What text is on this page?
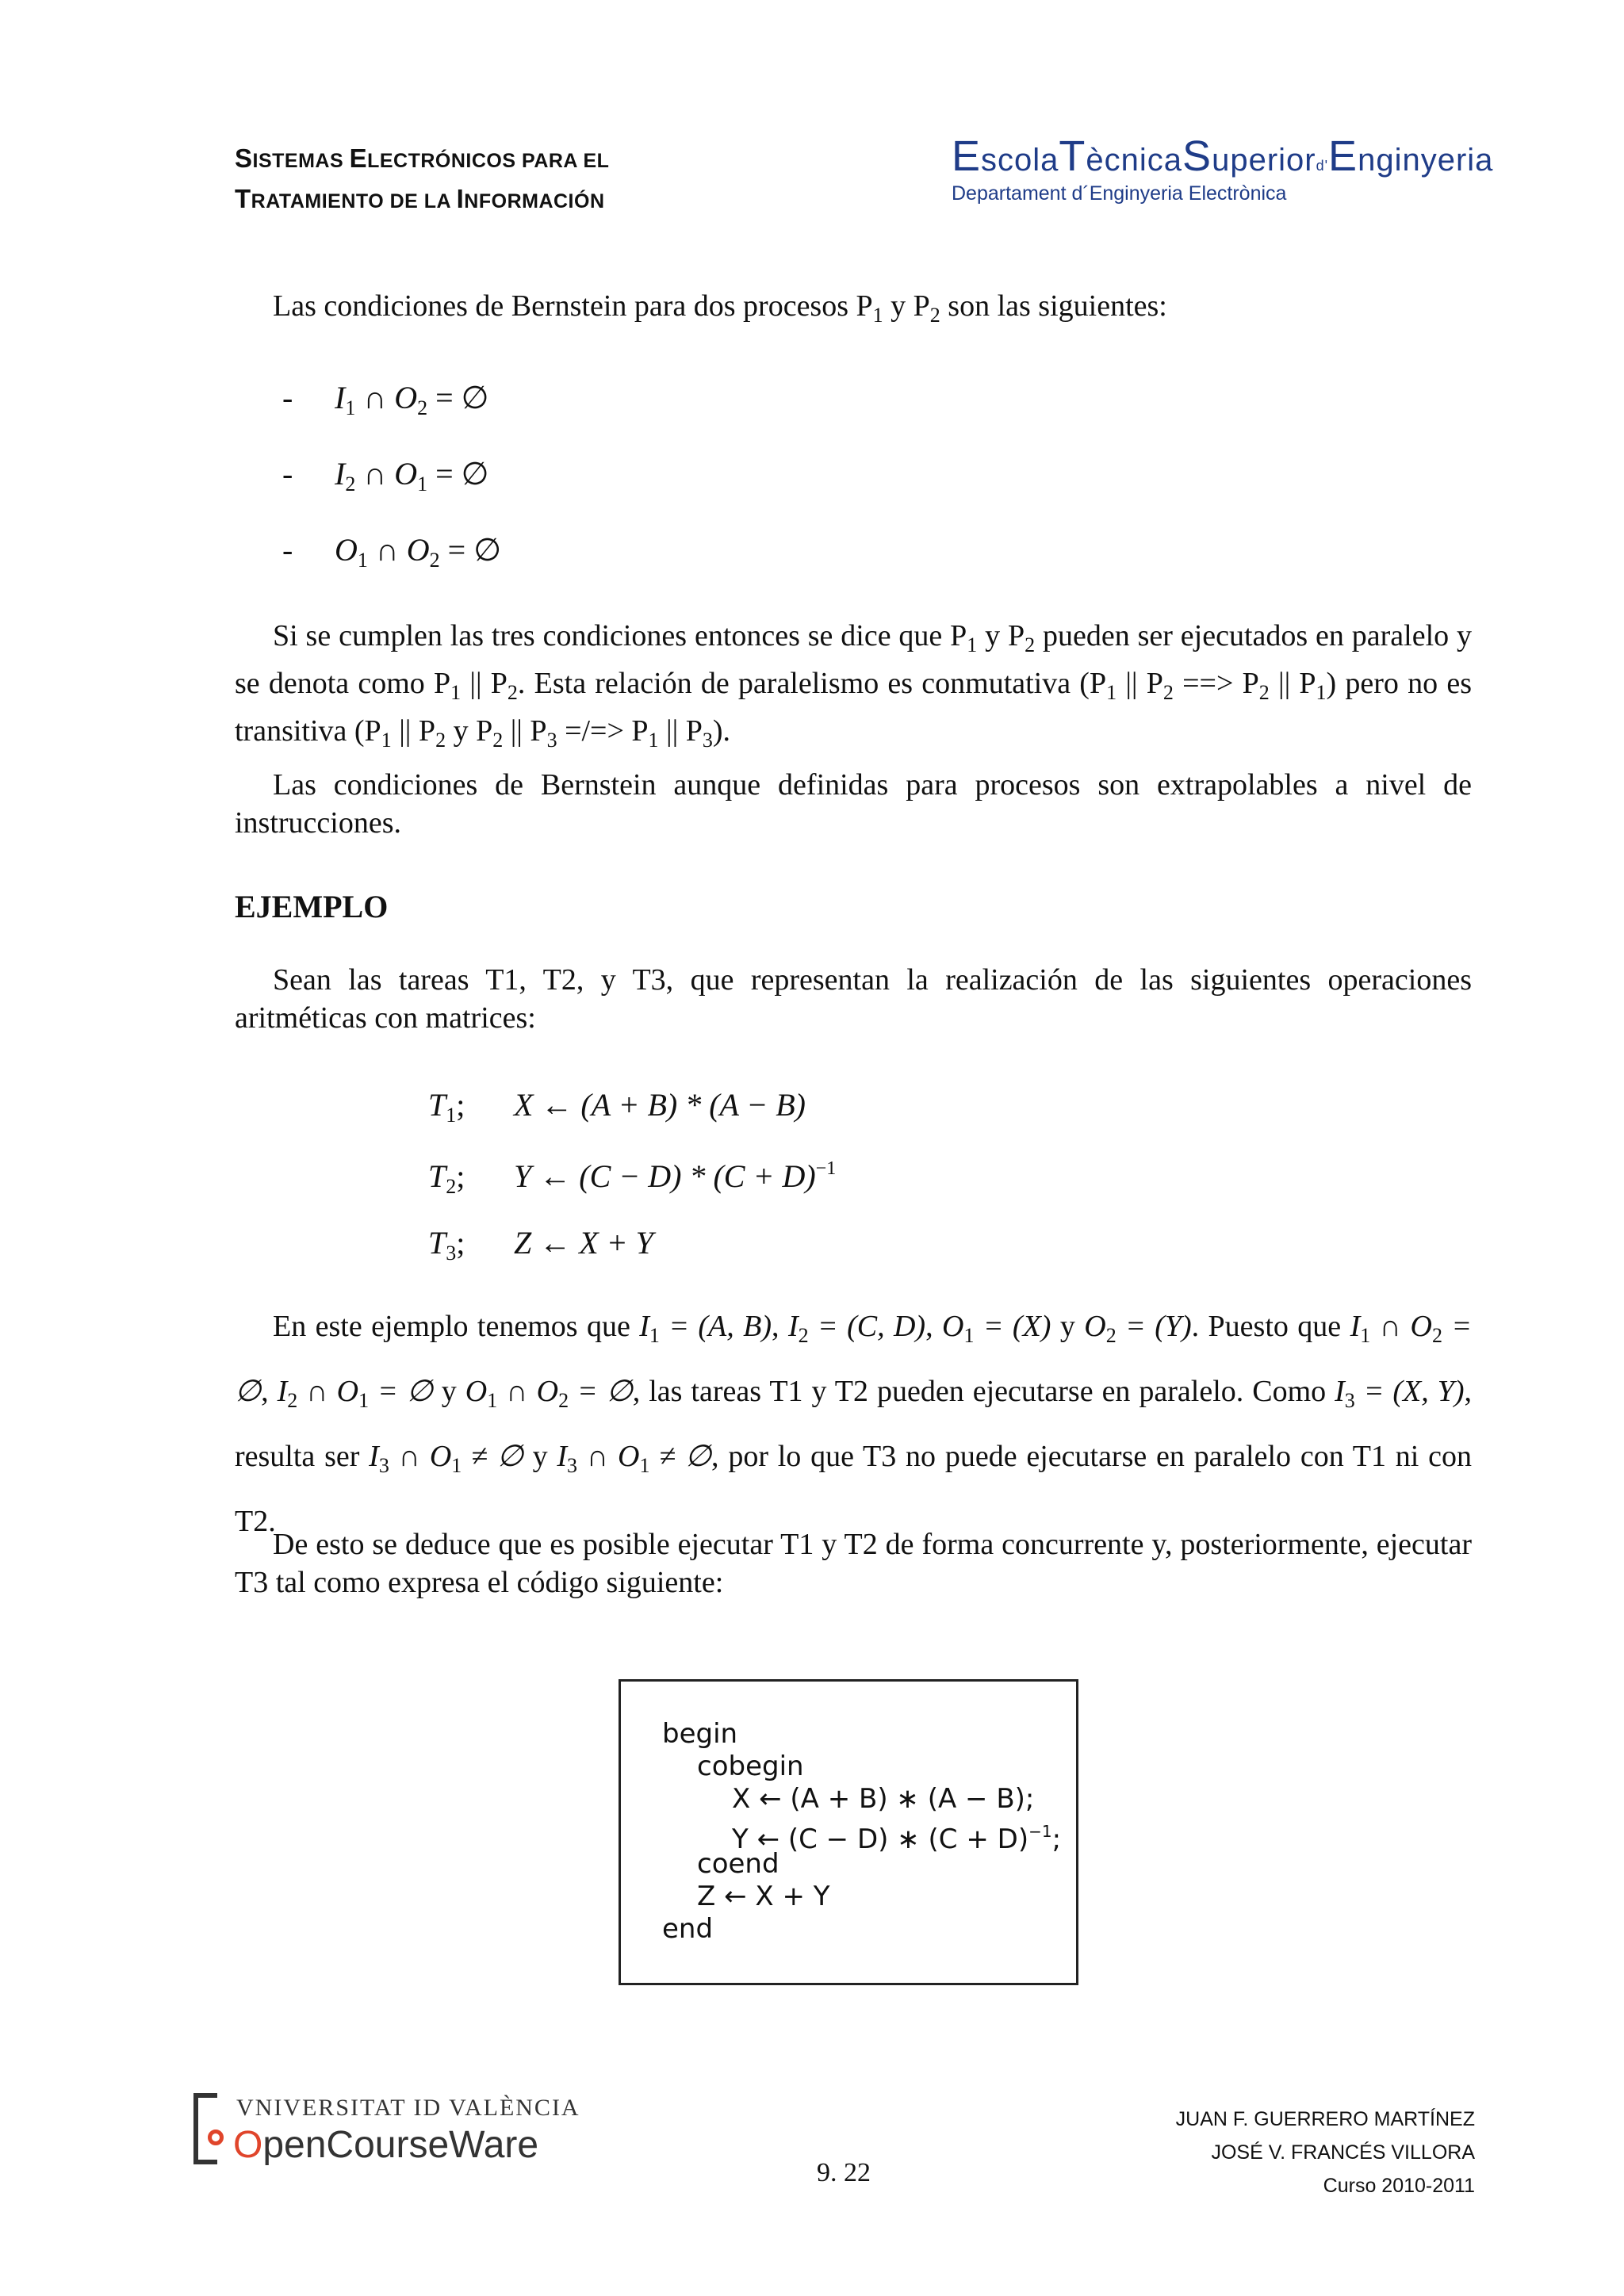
SISTEMAS ELECTRÓNICOS PARA EL
TRATAMIENTO DE LA INFORMACIÓN
EscolaTècnicaSuperiord'Enginyeria
Departament d´Enginyeria Electrònica
Las condiciones de Bernstein para dos procesos $P_1$ y $P_2$ son las siguientes:
- $I_1$ ∩ $O_2$ = ∅
- $I_2$ ∩ $O_1$ = ∅
- $O_1$ ∩ $O_2$ = ∅
Si se cumplen las tres condiciones entonces se dice que $P_1$ y $P_2$ pueden ser ejecutados en paralelo y se denota como $P_1$ || $P_2$. Esta relación de paralelismo es conmutativa ($P_1$ || $P_2$ ==> $P_2$ || $P_1$) pero no es transitiva ($P_1$ || $P_2$ y $P_2$ || $P_3$ =/=> $P_1$ || $P_3$).
Las condiciones de Bernstein aunque definidas para procesos son extrapolables a nivel de instrucciones.
EJEMPLO
Sean las tareas T1, T2, y T3, que representan la realización de las siguientes operaciones aritméticas con matrices:
$T_1$; X ← (A + B) * (A − B)
$T_2$; Y ← $(C - D) * (C + D)^{-1}$
$T_3$; Z ← X + Y
En este ejemplo tenemos que $I_1 = (A$, B), $I_2 = (C$, D), $O_1 = (X)$ y $O_2 = (Y)$. Puesto que $I_1$ ∩ $O_2$ = ∅, $I_2$ ∩ $O_1$ = ∅ y $O_1$ ∩ $O_2$ = ∅, las tareas T1 y T2 pueden ejecutarse en paralelo. Como $I_3 = (X$, Y), resulta ser $I_3$ ∩ $O_1$ ≠ ∅ y $I_3$ ∩ $O_1$ ≠ ∅, por lo que T3 no puede ejecutarse en paralelo con T1 ni con T2.
De esto se deduce que es posible ejecutar T1 y T2 de forma concurrente y, posteriormente, ejecutar T3 tal como expresa el código siguiente:
begin
cobegin
X ← (A + B) ∗ (A − B);
Y ← (C − D) ∗ $(C + D)^{-1}$;
coend
Z ← X + Y
end
VNIVERSITAT ID VALÈNCIA
OpenCourseWare
9. 22
JUAN F. GUERRERO MARTÍNEZ
JOSÉ V. FRANCÉS VILLORA
Curso 2010-2011
